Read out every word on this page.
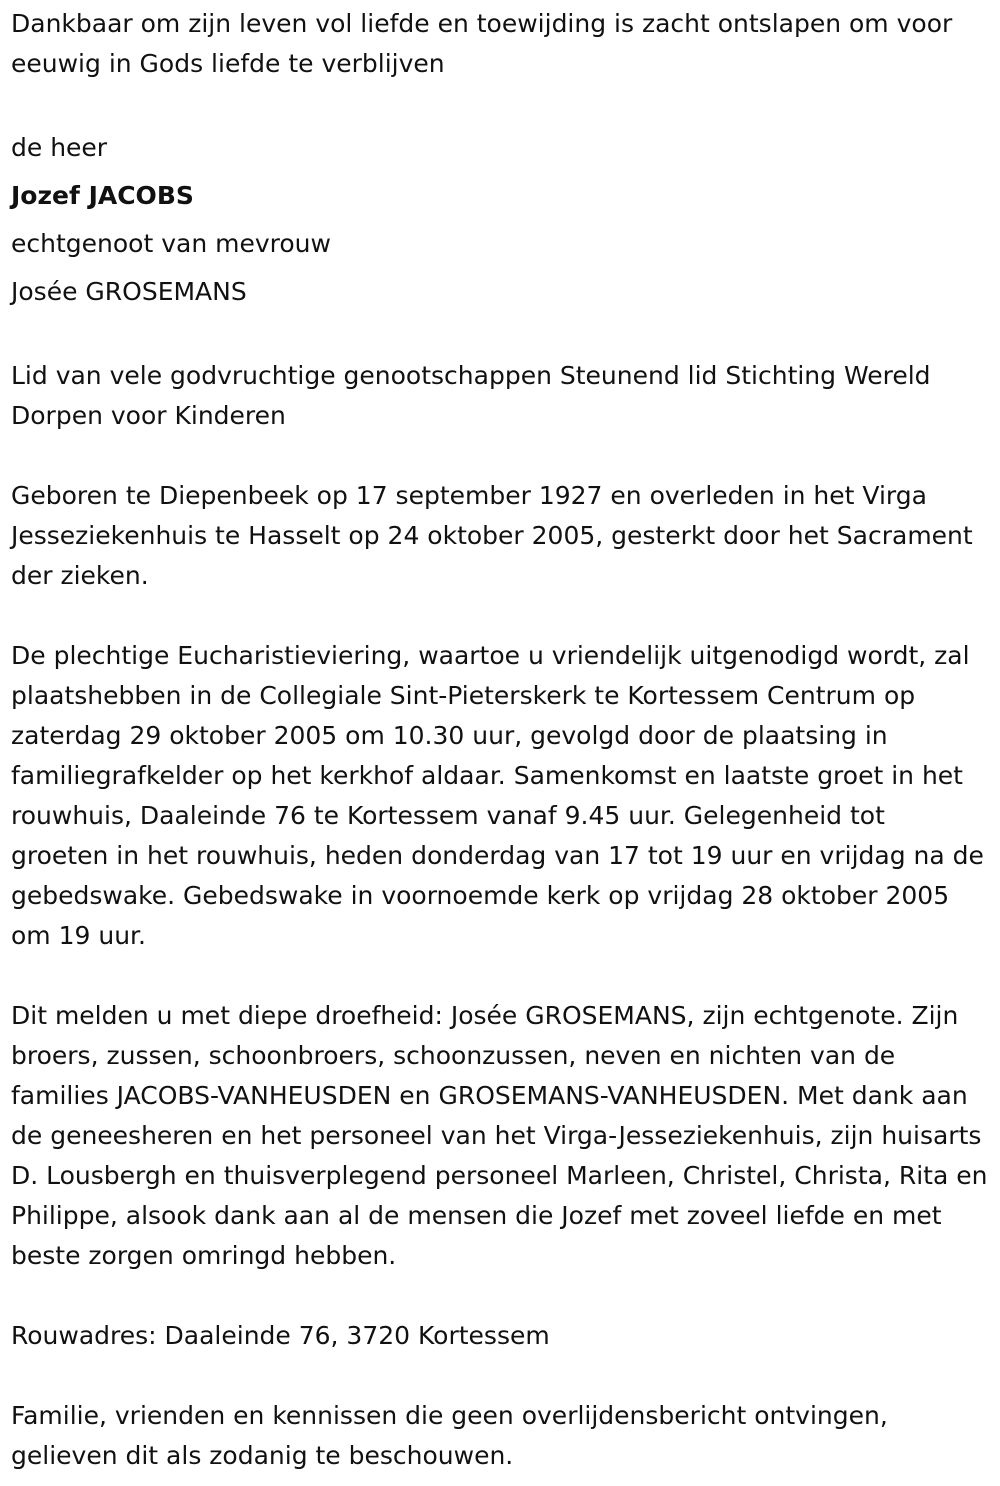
Dankbaar om zijn leven vol liefde en toewijding is zacht ontslapen om voor eeuwig in Gods liefde te verblijven

de heer

Jozef JACOBS

echtgenoot van mevrouw

Josée GROSEMANS

Lid van vele godvruchtige genootschappen Steunend lid Stichting Wereld Dorpen voor Kinderen

Geboren te Diepenbeek op 17 september 1927 en overleden in het Virga Jesseziekenhuis te Hasselt op 24 oktober 2005, gesterkt door het Sacrament der zieken.

De plechtige Eucharistieviering, waartoe u vriendelijk uitgenodigd wordt, zal plaatshebben in de Collegiale Sint-Pieterskerk te Kortessem Centrum op zaterdag 29 oktober 2005 om 10.30 uur, gevolgd door de plaatsing in familiegrafkelder op het kerkhof aldaar. Samenkomst en laatste groet in het rouwhuis, Daaleinde 76 te Kortessem vanaf 9.45 uur. Gelegenheid tot groeten in het rouwhuis, heden donderdag van 17 tot 19 uur en vrijdag na de gebedswake. Gebedswake in voornoemde kerk op vrijdag 28 oktober 2005 om 19 uur.

Dit melden u met diepe droefheid: Josée GROSEMANS, zijn echtgenote. Zijn broers, zussen, schoonbroers, schoonzussen, neven en nichten van de families JACOBS-VANHEUSDEN en GROSEMANS-VANHEUSDEN. Met dank aan de geneesheren en het personeel van het Virga-Jesseziekenhuis, zijn huisarts D. Lousbergh en thuisverplegend personeel Marleen, Christel, Christa, Rita en Philippe, alsook dank aan al de mensen die Jozef met zoveel liefde en met beste zorgen omringd hebben.

Rouwadres: Daaleinde 76, 3720 Kortessem

Familie, vrienden en kennissen die geen overlijdensbericht ontvingen, gelieven dit als zodanig te beschouwen.
